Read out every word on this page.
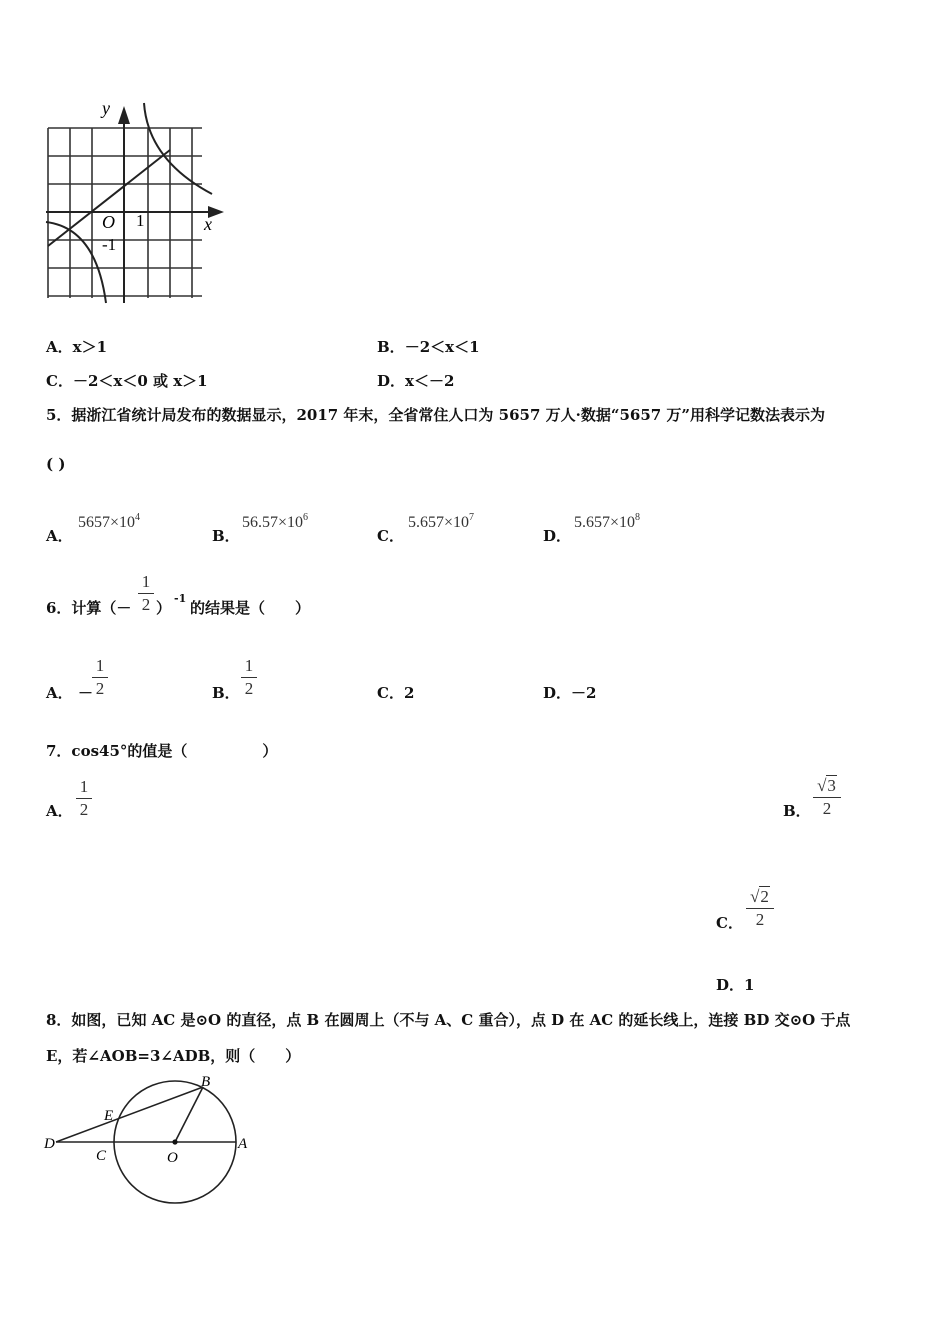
y
x
O 1
-1
A．x＞1	B．－2＜x＜1
C．－2＜x＜0 或 x＞1	D．x＜－2
5．据浙江省统计局发布的数据显示，2017 年末，全省常住人口为 5657 万人·数据“5657 万”用科学记数法表示为
( )
A．
$5657\times 10^4$
B．
$56.57\times 10^6$
C．
$5.657\times 10^7$
D．
$5.657\times 10^8$
6．计算（－
1
2 ）
-1
的结果是（　　）
A． －
1
2	B．
1
2	C．2	D．－2
7．cos45°的值是（　　　　　）
A．
1
2	B．
√3
2
C．
√2
2
D．1
8．如图，已知 AC 是⊙O 的直径，点 B 在圆周上（不与 A、C 重合），点 D 在 AC 的延长线上，连接 BD 交⊙O 于点
E，若∠AOB=3∠ADB，则（　　）
B
E
D
C	O
A
